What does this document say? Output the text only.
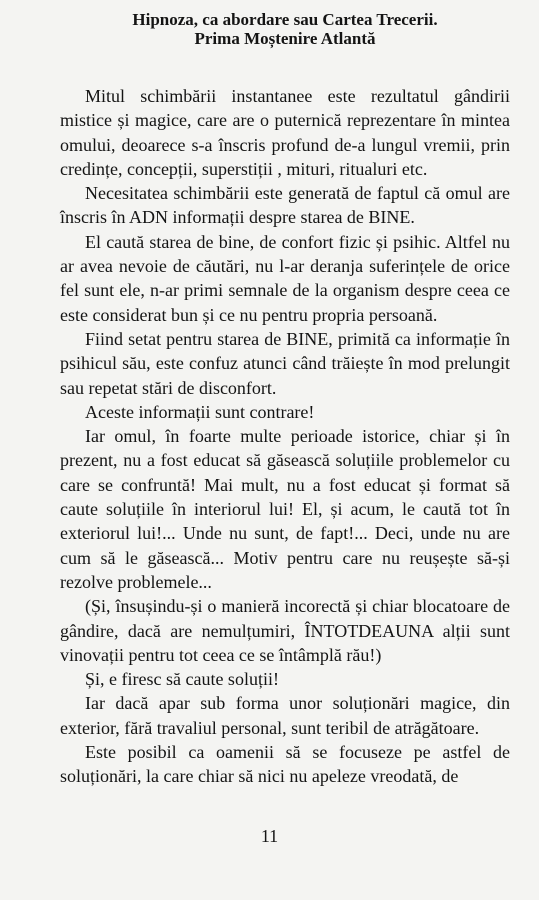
Hipnoza, ca abordare sau Cartea Trecerii.
Prima Moștenire Atlantă

Mitul schimbării instantanee este rezultatul gândirii mistice și magice, care are o puternică reprezentare în mintea omului, deoarece s-a înscris profund de-a lungul vremii, prin credințe, concepții, superstiții , mituri, ritualuri etc.

Necesitatea schimbării este generată de faptul că omul are înscris în ADN informații despre starea de BINE.

El caută starea de bine, de confort fizic și psihic. Altfel nu ar avea nevoie de căutări, nu l-ar deranja suferințele de orice fel sunt ele, n-ar primi semnale de la organism despre ceea ce este considerat bun și ce nu pentru propria persoană.

Fiind setat pentru starea de BINE, primită ca informație în psihicul său, este confuz atunci când trăiește în mod prelungit sau repetat stări de disconfort.

Aceste informații sunt contrare!

Iar omul, în foarte multe perioade istorice, chiar și în prezent, nu a fost educat să găsească soluțiile problemelor cu care se confruntă! Mai mult, nu a fost educat și format să caute soluțiile în interiorul lui! El, și acum, le caută tot în exteriorul lui!... Unde nu sunt, de fapt!... Deci, unde nu are cum să le găsească... Motiv pentru care nu reușește să-și rezolve problemele...

(Și, însușindu-și o manieră incorectă și chiar blocatoare de gândire, dacă are nemulțumiri, ÎNTOTDEAUNA alții sunt vinovații pentru tot ceea ce se întâmplă rău!)

Și, e firesc să caute soluții!

Iar dacă apar sub forma unor soluționări magice, din exterior, fără travaliul personal, sunt teribil de atrăgătoare.

Este posibil ca oamenii să se focuseze pe astfel de soluționări, la care chiar să nici nu apeleze vreodată, de

11
